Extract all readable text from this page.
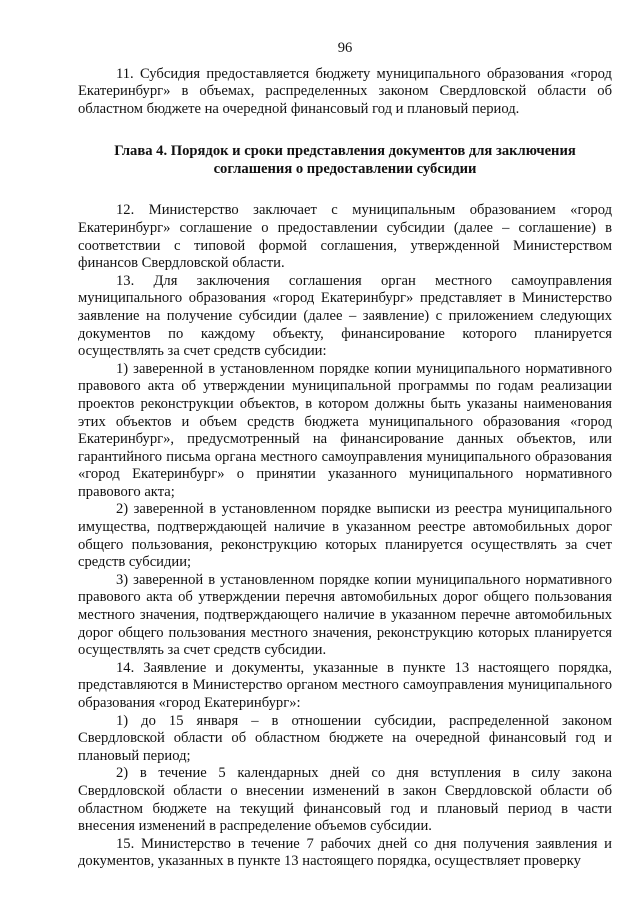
96

11. Субсидия предоставляется бюджету муниципального образования «город Екатеринбург» в объемах, распределенных законом Свердловской области об областном бюджете на очередной финансовый год и плановый период.

Глава 4. Порядок и сроки представления документов для заключения
соглашения о предоставлении субсидии

12. Министерство заключает с муниципальным образованием «город Екатеринбург» соглашение о предоставлении субсидии (далее – соглашение) в соответствии с типовой формой соглашения, утвержденной Министерством финансов Свердловской области.

13. Для заключения соглашения орган местного самоуправления муниципального образования «город Екатеринбург» представляет в Министерство заявление на получение субсидии (далее – заявление) с приложением следующих документов по каждому объекту, финансирование которого планируется осуществлять за счет средств субсидии:

1) заверенной в установленном порядке копии муниципального нормативного правового акта об утверждении муниципальной программы по годам реализации проектов реконструкции объектов, в котором должны быть указаны наименования этих объектов и объем средств бюджета муниципального образования «город Екатеринбург», предусмотренный на финансирование данных объектов, или гарантийного письма органа местного самоуправления муниципального образования «город Екатеринбург» о принятии указанного муниципального нормативного правового акта;

2) заверенной в установленном порядке выписки из реестра муниципального имущества, подтверждающей наличие в указанном реестре автомобильных дорог общего пользования, реконструкцию которых планируется осуществлять за счет средств субсидии;

3) заверенной в установленном порядке копии муниципального нормативного правового акта об утверждении перечня автомобильных дорог общего пользования местного значения, подтверждающего наличие в указанном перечне автомобильных дорог общего пользования местного значения, реконструкцию которых планируется осуществлять за счет средств субсидии.

14. Заявление и документы, указанные в пункте 13 настоящего порядка, представляются в Министерство органом местного самоуправления муниципального образования «город Екатеринбург»:

1) до 15 января – в отношении субсидии, распределенной законом Свердловской области об областном бюджете на очередной финансовый год и плановый период;

2) в течение 5 календарных дней со дня вступления в силу закона Свердловской области о внесении изменений в закон Свердловской области об областном бюджете на текущий финансовый год и плановый период в части внесения изменений в распределение объемов субсидии.

15. Министерство в течение 7 рабочих дней со дня получения заявления и документов, указанных в пункте 13 настоящего порядка, осуществляет проверку
